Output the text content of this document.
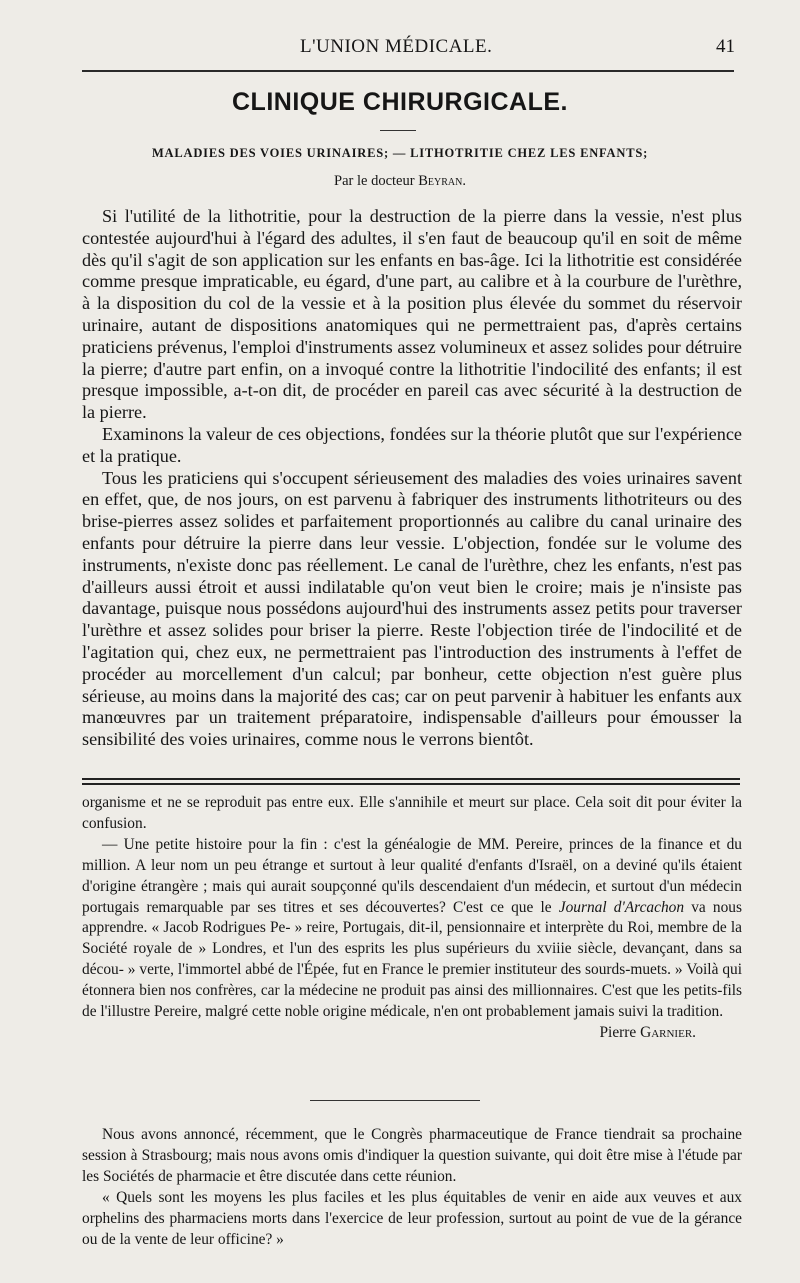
L'UNION MÉDICALE.	41
CLINIQUE CHIRURGICALE.
MALADIES DES VOIES URINAIRES; — LITHOTRITIE CHEZ LES ENFANTS;
Par le docteur Beyran.

Si l'utilité de la lithotritie, pour la destruction de la pierre dans la vessie, n'est plus contestée aujourd'hui à l'égard des adultes, il s'en faut de beaucoup qu'il en soit de même dès qu'il s'agit de son application sur les enfants en bas-âge. Ici la lithotritie est considérée comme presque impraticable, eu égard, d'une part, au calibre et à la courbure de l'urèthre, à la disposition du col de la vessie et à la position plus élevée du sommet du réservoir urinaire, autant de dispositions anatomiques qui ne permettraient pas, d'après certains praticiens prévenus, l'emploi d'instruments assez volumineux et assez solides pour détruire la pierre; d'autre part enfin, on a invoqué contre la lithotritie l'indocilité des enfants; il est presque impossible, a-t-on dit, de procéder en pareil cas avec sécurité à la destruction de la pierre.

Examinons la valeur de ces objections, fondées sur la théorie plutôt que sur l'expérience et la pratique.

Tous les praticiens qui s'occupent sérieusement des maladies des voies urinaires savent en effet, que, de nos jours, on est parvenu à fabriquer des instruments lithotriteurs ou des brise-pierres assez solides et parfaitement proportionnés au calibre du canal urinaire des enfants pour détruire la pierre dans leur vessie. L'objection, fondée sur le volume des instruments, n'existe donc pas réellement. Le canal de l'urèthre, chez les enfants, n'est pas d'ailleurs aussi étroit et aussi indilatable qu'on veut bien le croire; mais je n'insiste pas davantage, puisque nous possédons aujourd'hui des instruments assez petits pour traverser l'urèthre et assez solides pour briser la pierre. Reste l'objection tirée de l'indocilité et de l'agitation qui, chez eux, ne permettraient pas l'introduction des instruments à l'effet de procéder au morcellement d'un calcul; par bonheur, cette objection n'est guère plus sérieuse, au moins dans la majorité des cas; car on peut parvenir à habituer les enfants aux manœuvres par un traitement préparatoire, indispensable d'ailleurs pour émousser la sensibilité des voies urinaires, comme nous le verrons bientôt.

organisme et ne se reproduit pas entre eux. Elle s'annihile et meurt sur place. Cela soit dit pour éviter la confusion.

— Une petite histoire pour la fin : c'est la généalogie de MM. Pereire, princes de la finance et du million. A leur nom un peu étrange et surtout à leur qualité d'enfants d'Israël, on a deviné qu'ils étaient d'origine étrangère ; mais qui aurait soupçonné qu'ils descendaient d'un médecin, et surtout d'un médecin portugais remarquable par ses titres et ses découvertes? C'est ce que le Journal d'Arcachon va nous apprendre. « Jacob Rodrigues Pe- » reire, Portugais, dit-il, pensionnaire et interprète du Roi, membre de la Société royale de » Londres, et l'un des esprits les plus supérieurs du xviiie siècle, devançant, dans sa décou- » verte, l'immortel abbé de l'Épée, fut en France le premier instituteur des sourds-muets. » Voilà qui étonnera bien nos confrères, car la médecine ne produit pas ainsi des millionnaires. C'est que les petits-fils de l'illustre Pereire, malgré cette noble origine médicale, n'en ont probablement jamais suivi la tradition.

Pierre Garnier.

Nous avons annoncé, récemment, que le Congrès pharmaceutique de France tiendrait sa prochaine session à Strasbourg; mais nous avons omis d'indiquer la question suivante, qui doit être mise à l'étude par les Sociétés de pharmacie et être discutée dans cette réunion.

« Quels sont les moyens les plus faciles et les plus équitables de venir en aide aux veuves et aux orphelins des pharmaciens morts dans l'exercice de leur profession, surtout au point de vue de la gérance ou de la vente de leur officine? »
